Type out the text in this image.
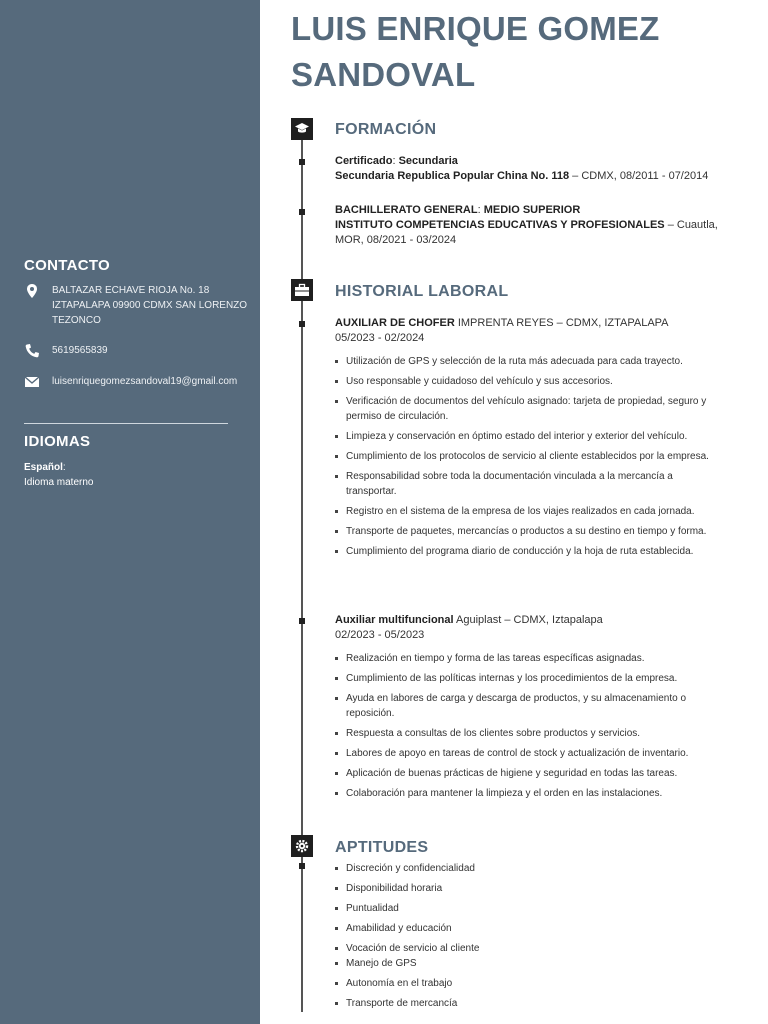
CONTACTO
BALTAZAR ECHAVE RIOJA No. 18 IZTAPALAPA 09900 CDMX SAN LORENZO TEZONCO
5619565839
luisenriquegomezsandoval19@gmail.com
IDIOMAS
Español:
Idioma materno
LUIS ENRIQUE GOMEZ SANDOVAL
FORMACIÓN
Certificado: Secundaria
Secundaria Republica Popular China No. 118 – CDMX, 08/2011 - 07/2014
BACHILLERATO GENERAL: MEDIO SUPERIOR
INSTITUTO COMPETENCIAS EDUCATIVAS Y PROFESIONALES – Cuautla, MOR, 08/2021 - 03/2024
HISTORIAL LABORAL
AUXILIAR DE CHOFER IMPRENTA REYES – CDMX, IZTAPALAPA
05/2023 - 02/2024
Utilización de GPS y selección de la ruta más adecuada para cada trayecto.
Uso responsable y cuidadoso del vehículo y sus accesorios.
Verificación de documentos del vehículo asignado: tarjeta de propiedad, seguro y permiso de circulación.
Limpieza y conservación en óptimo estado del interior y exterior del vehículo.
Cumplimiento de los protocolos de servicio al cliente establecidos por la empresa.
Responsabilidad sobre toda la documentación vinculada a la mercancía a transportar.
Registro en el sistema de la empresa de los viajes realizados en cada jornada.
Transporte de paquetes, mercancías o productos a su destino en tiempo y forma.
Cumplimiento del programa diario de conducción y la hoja de ruta establecida.
Auxiliar multifuncional Aguiplast – CDMX, Iztapalapa
02/2023 - 05/2023
Realización en tiempo y forma de las tareas específicas asignadas.
Cumplimiento de las políticas internas y los procedimientos de la empresa.
Ayuda en labores de carga y descarga de productos, y su almacenamiento o reposición.
Respuesta a consultas de los clientes sobre productos y servicios.
Labores de apoyo en tareas de control de stock y actualización de inventario.
Aplicación de buenas prácticas de higiene y seguridad en todas las tareas.
Colaboración para mantener la limpieza y el orden en las instalaciones.
APTITUDES
Discreción y confidencialidad
Disponibilidad horaria
Puntualidad
Amabilidad y educación
Vocación de servicio al cliente
Manejo de GPS
Autonomía en el trabajo
Transporte de mercancía
